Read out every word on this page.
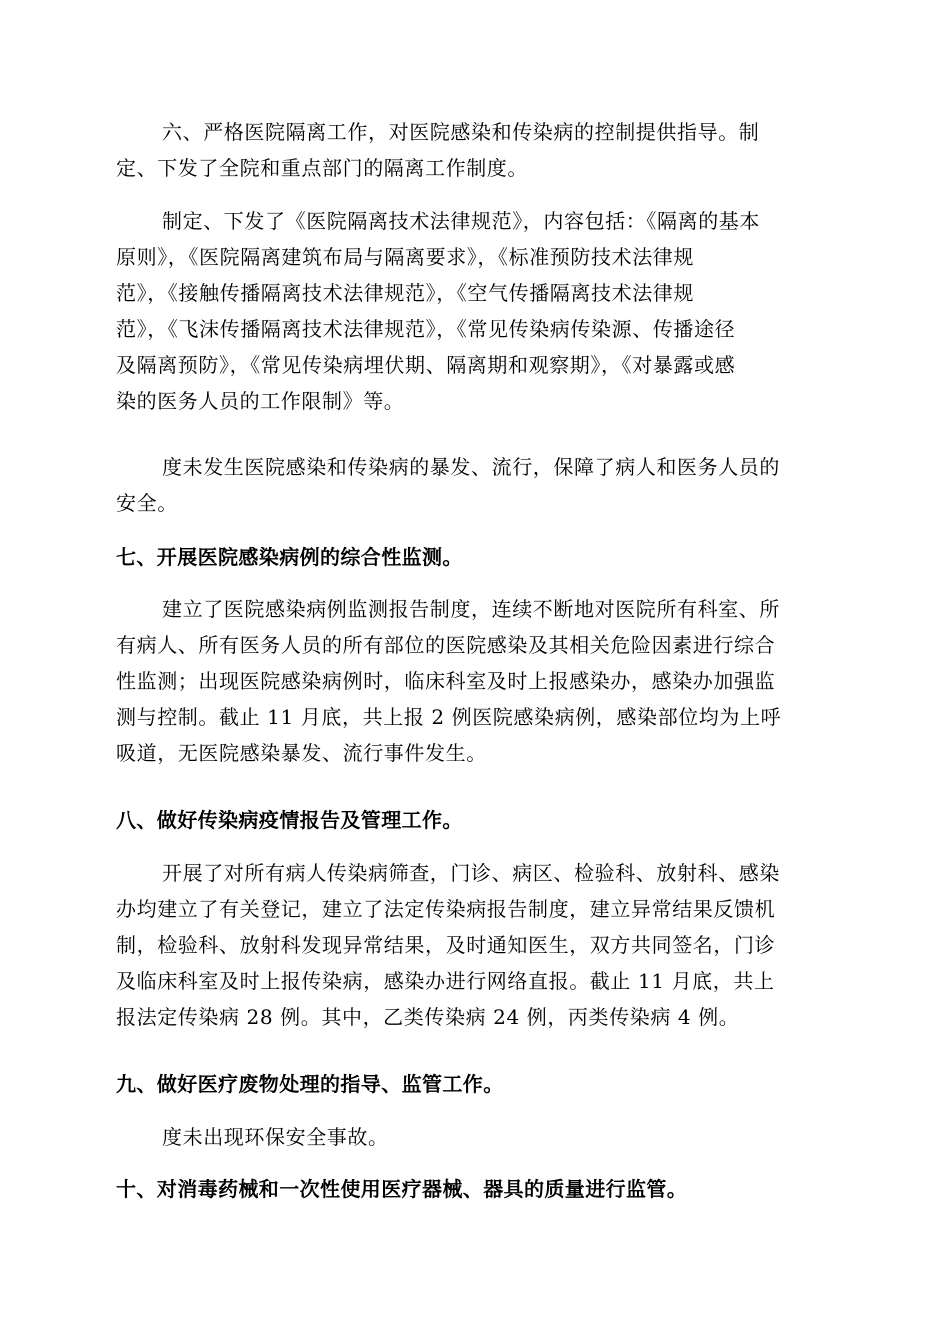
六、严格医院隔离工作，对医院感染和传染病的控制提供指导。制
定、下发了全院和重点部门的隔离工作制度。

制定、下发了《医院隔离技术法律规范》，内容包括：《隔离的基本
原则》，《医院隔离建筑布局与隔离要求》，《标准预防技术法律规
范》，《接触传播隔离技术法律规范》，《空气传播隔离技术法律规
范》，《飞沫传播隔离技术法律规范》，《常见传染病传染源、传播途径
及隔离预防》，《常见传染病埋伏期、隔离期和观察期》，《对暴露或感
染的医务人员的工作限制》等。

度未发生医院感染和传染病的暴发、流行，保障了病人和医务人员的
安全。

七、开展医院感染病例的综合性监测。

建立了医院感染病例监测报告制度，连续不断地对医院所有科室、所
有病人、所有医务人员的所有部位的医院感染及其相关危险因素进行综合
性监测；出现医院感染病例时，临床科室及时上报感染办，感染办加强监
测与控制。截止 11 月底，共上报 2 例医院感染病例，感染部位均为上呼
吸道，无医院感染暴发、流行事件发生。

八、做好传染病疫情报告及管理工作。

开展了对所有病人传染病筛查，门诊、病区、检验科、放射科、感染
办均建立了有关登记，建立了法定传染病报告制度，建立异常结果反馈机
制，检验科、放射科发现异常结果，及时通知医生，双方共同签名，门诊
及临床科室及时上报传染病，感染办进行网络直报。截止 11 月底，共上
报法定传染病 28 例。其中，乙类传染病 24 例，丙类传染病 4 例。

九、做好医疗废物处理的指导、监管工作。

度未出现环保安全事故。

十、对消毒药械和一次性使用医疗器械、器具的质量进行监管。
